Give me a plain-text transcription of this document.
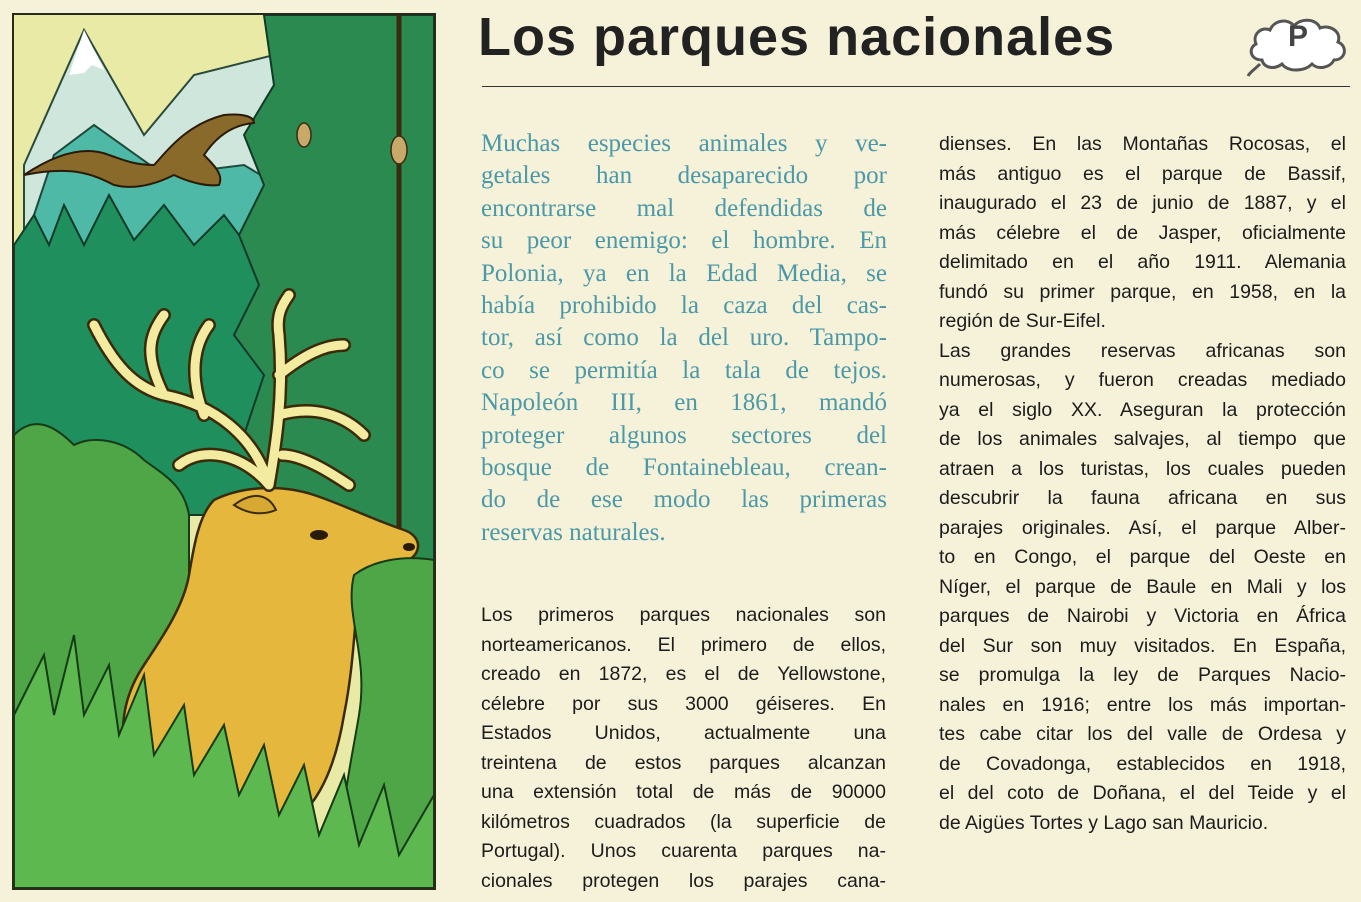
Los parques nacionales	P
Muchas especies animales y ve-
getales han desaparecido por
encontrarse mal defendidas de
su peor enemigo: el hombre. En
Polonia, ya en la Edad Media, se
había prohibido la caza del cas-
tor, así como la del uro. Tampo-
co se permitía la tala de tejos.
Napoleón III, en 1861, mandó
proteger algunos sectores del
bosque de Fontainebleau, crean-
do de ese modo las primeras
reservas naturales.

Los primeros parques nacionales son
norteamericanos. El primero de ellos,
creado en 1872, es el de Yellowstone,
célebre por sus 3000 géiseres. En
Estados Unidos, actualmente una
treintena de estos parques alcanzan
una extensión total de más de 90000
kilómetros cuadrados (la superficie de
Portugal). Unos cuarenta parques na-
cionales protegen los parajes cana-

dienses. En las Montañas Rocosas, el
más antiguo es el parque de Bassif,
inaugurado el 23 de junio de 1887, y el
más célebre el de Jasper, oficialmente
delimitado en el año 1911. Alemania
fundó su primer parque, en 1958, en la
región de Sur-Eifel.

Las grandes reservas africanas son
numerosas, y fueron creadas mediado
ya el siglo XX. Aseguran la protección
de los animales salvajes, al tiempo que
atraen a los turistas, los cuales pueden
descubrir la fauna africana en sus
parajes originales. Así, el parque Alber-
to en Congo, el parque del Oeste en
Níger, el parque de Baule en Mali y los
parques de Nairobi y Victoria en África
del Sur son muy visitados. En España,
se promulga la ley de Parques Nacio-
nales en 1916; entre los más importan-
tes cabe citar los del valle de Ordesa y
de Covadonga, establecidos en 1918,
el del coto de Doñana, el del Teide y el
de Aigües Tortes y Lago san Mauricio.
